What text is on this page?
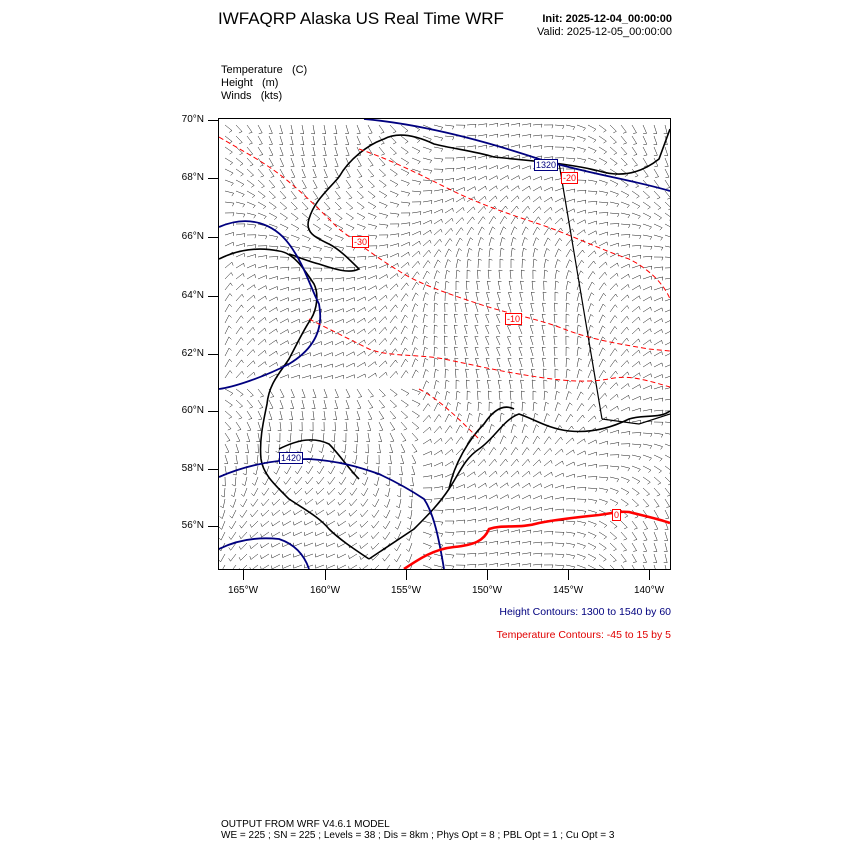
IWFAQRP Alaska US Real Time WRF	Init: 2025-12-04_00:00:00
Valid: 2025-12-05_00:00:00
Temperature (C)
Height (m)
Winds (kts)
1320
1420
-20
-30
-10
0
70°N
68°N
66°N
64°N
62°N
60°N
58°N
56°N
165°W	160°W	155°W	150°W	145°W	140°W
Height Contours: 1300 to 1540 by 60
Temperature Contours: -45 to 15 by 5
OUTPUT FROM WRF V4.6.1 MODEL
WE = 225 ; SN = 225 ; Levels = 38 ; Dis = 8km ; Phys Opt = 8 ; PBL Opt = 1 ; Cu Opt = 3
